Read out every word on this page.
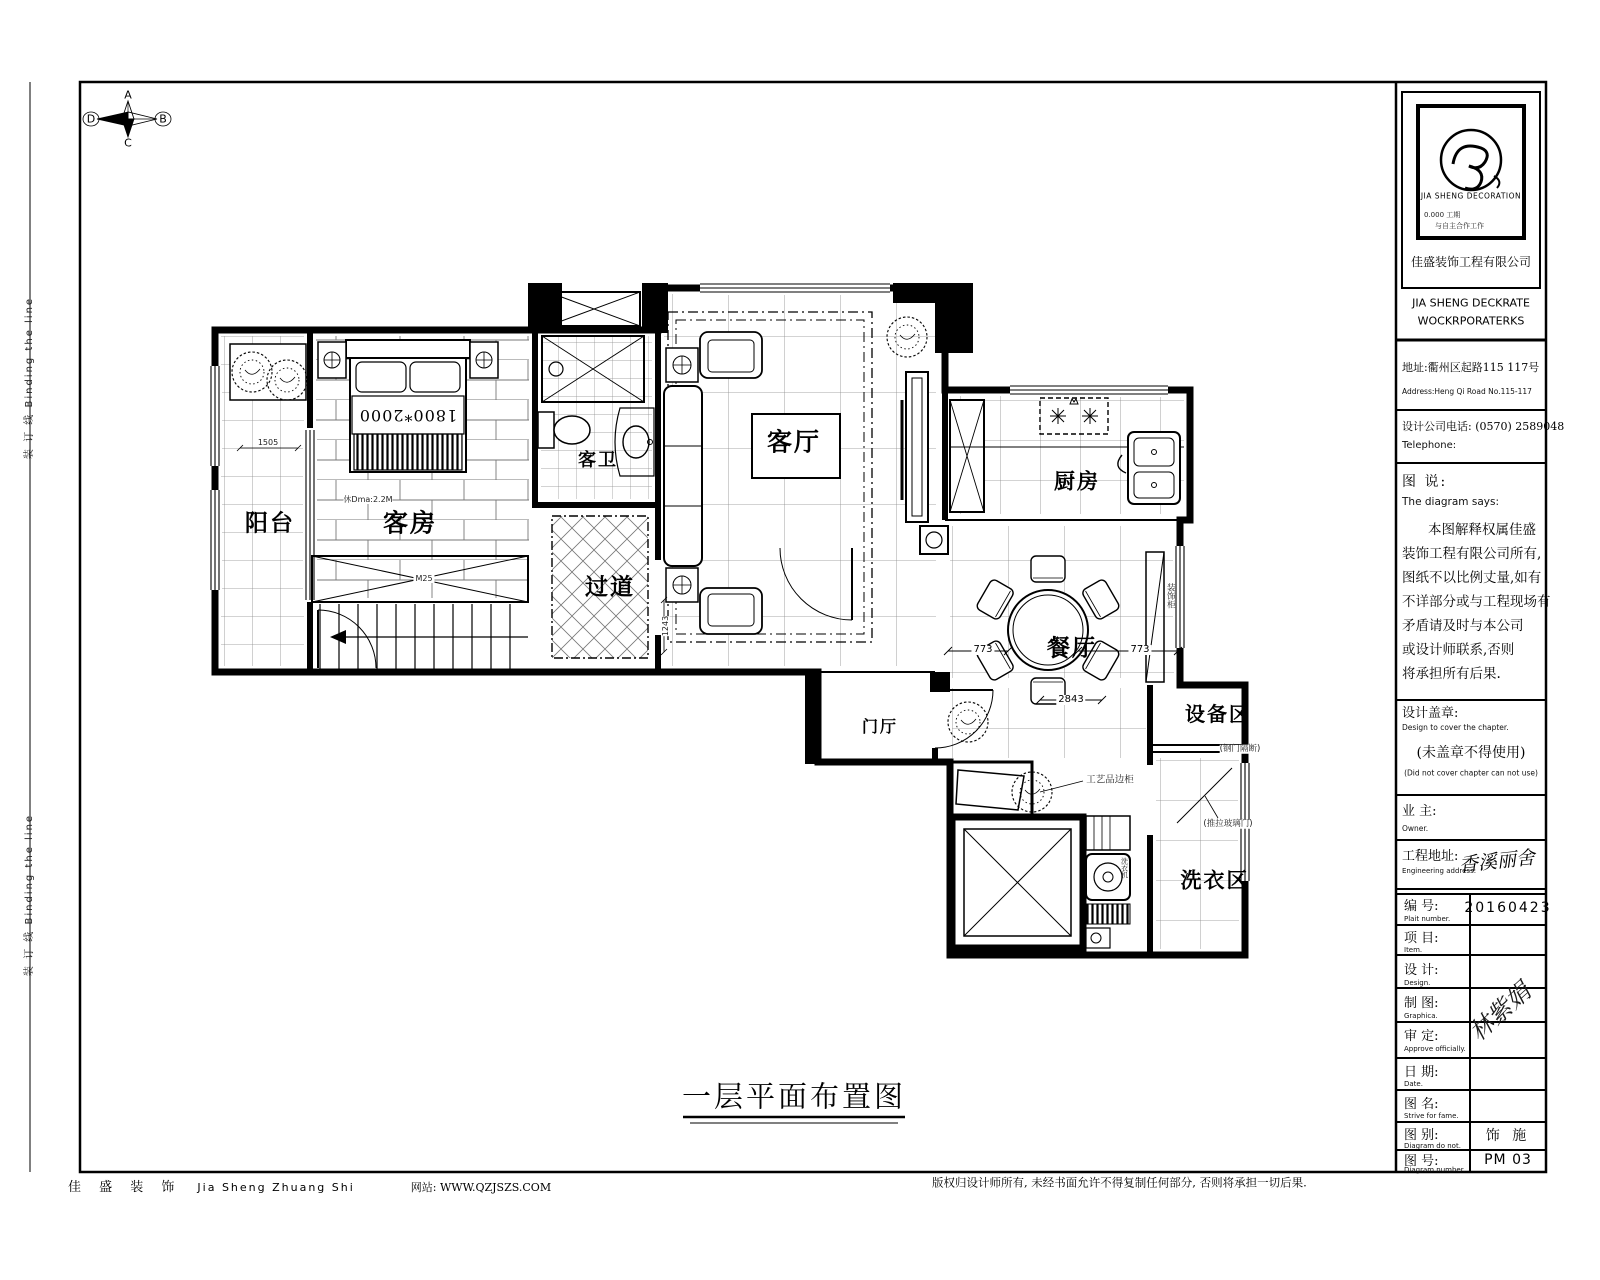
装 订 线 Binding the line
装 订 线 Binding the line
A
B
C
D
阳台	客房
客卫
过道
客厅
厨房
餐厅
门厅
设备区
洗衣区
1800*2000
1505
M25
1243
773	773
2843
休Dma:2.2M
工艺品边柜
(钢门隔断)
(推拉玻璃门)
装饰柜
洗衣机
一层平面布置图
JIA SHENG DECORATION
0.000 工期
与自主合作工作
佳盛装饰工程有限公司
JIA SHENG DECKRATE
WOCKRPORATERKS
地址:衢州区起路115 117号
Address:Heng Qi Road No.115-117
设计公司电话: (0570) 2589048
Telephone:
图 说:
The diagram says:
本图解释权属佳盛
装饰工程有限公司所有,
图纸不以比例丈量,如有
不详部分或与工程现场有
矛盾请及时与本公司
或设计师联系,否则
将承担所有后果.
设计盖章:
Design to cover the chapter.
(未盖章不得使用)
(Did not cover chapter can not use)
业 主:
Owner.
工程地址:
Engineering address:
香溪丽舍
编 号:
Plait number.
20160423
项 目:
Item.
设 计:
Design.
制 图:
Graphica.
审 定:
Approve officially.
日 期:
Date.
图 名:
Strive for fame.
图 别:
Diagram do not.
饰 施
图 号:
Diagram number.
PM 03
林紫娟
佳 盛 装 饰 Jia Sheng Zhuang Shi	网站: WWW.QZJSZS.COM	版权归设计师所有, 未经书面允许不得复制任何部分, 否则将承担一切后果.
